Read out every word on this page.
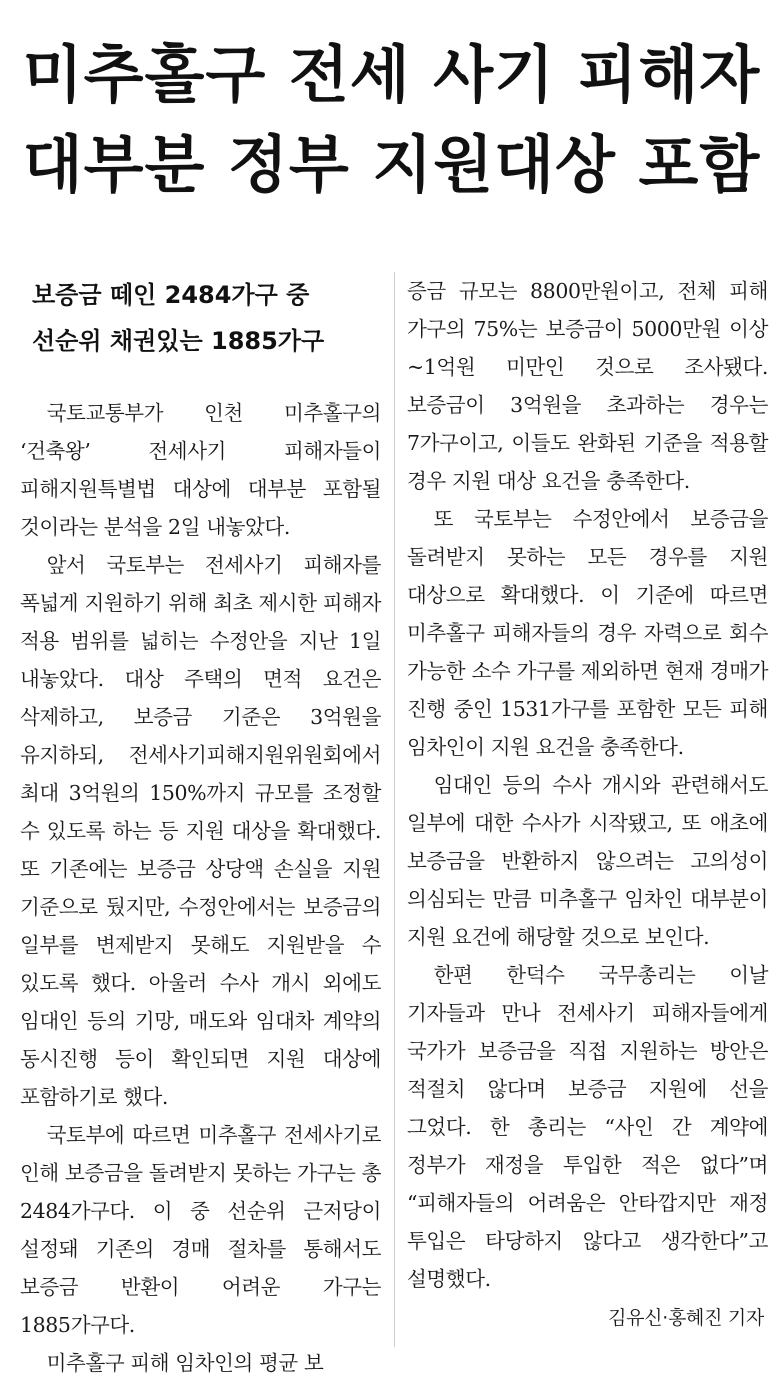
미추홀구 전세 사기 피해자
대부분 정부 지원대상 포함
보증금 떼인 2484가구 중
선순위 채권있는 1885가구

국토교통부가 인천 미추홀구의 ‘건축왕’ 전세사기 피해자들이 피해지원특별법 대상에 대부분 포함될 것이라는 분석을 2일 내놓았다.

앞서 국토부는 전세사기 피해자를 폭넓게 지원하기 위해 최초 제시한 피해자 적용 범위를 넓히는 수정안을 지난 1일 내놓았다. 대상 주택의 면적 요건은 삭제하고, 보증금 기준은 3억원을 유지하되, 전세사기피해지원위원회에서 최대 3억원의 150%까지 규모를 조정할 수 있도록 하는 등 지원 대상을 확대했다. 또 기존에는 보증금 상당액 손실을 지원 기준으로 뒀지만, 수정안에서는 보증금의 일부를 변제받지 못해도 지원받을 수 있도록 했다. 아울러 수사 개시 외에도 임대인 등의 기망, 매도와 임대차 계약의 동시진행 등이 확인되면 지원 대상에 포함하기로 했다.

국토부에 따르면 미추홀구 전세사기로 인해 보증금을 돌려받지 못하는 가구는 총 2484가구다. 이 중 선순위 근저당이 설정돼 기존의 경매 절차를 통해서도 보증금 반환이 어려운 가구는 1885가구다.

미추홀구 피해 임차인의 평균 보

증금 규모는 8800만원이고, 전체 피해 가구의 75%는 보증금이 5000만원 이상~1억원 미만인 것으로 조사됐다. 보증금이 3억원을 초과하는 경우는 7가구이고, 이들도 완화된 기준을 적용할 경우 지원 대상 요건을 충족한다.

또 국토부는 수정안에서 보증금을 돌려받지 못하는 모든 경우를 지원 대상으로 확대했다. 이 기준에 따르면 미추홀구 피해자들의 경우 자력으로 회수 가능한 소수 가구를 제외하면 현재 경매가 진행 중인 1531가구를 포함한 모든 피해 임차인이 지원 요건을 충족한다.

임대인 등의 수사 개시와 관련해서도 일부에 대한 수사가 시작됐고, 또 애초에 보증금을 반환하지 않으려는 고의성이 의심되는 만큼 미추홀구 임차인 대부분이 지원 요건에 해당할 것으로 보인다.

한편 한덕수 국무총리는 이날 기자들과 만나 전세사기 피해자들에게 국가가 보증금을 직접 지원하는 방안은 적절치 않다며 보증금 지원에 선을 그었다. 한 총리는 “사인 간 계약에 정부가 재정을 투입한 적은 없다”며 “피해자들의 어려움은 안타깝지만 재정 투입은 타당하지 않다고 생각한다”고 설명했다.

김유신·홍혜진 기자
